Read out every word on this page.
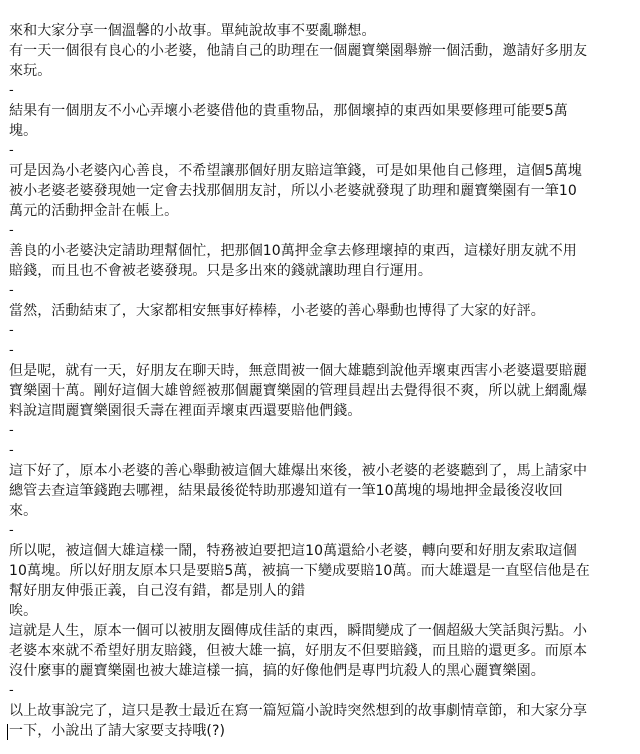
來和大家分享一個溫馨的小故事。單純說故事不要亂聯想。
有一天一個很有良心的小老婆，他請自己的助理在一個麗寶樂園舉辦一個活動，邀請好多朋友
來玩。
-
結果有一個朋友不小心弄壞小老婆借他的貴重物品，那個壞掉的東西如果要修理可能要5萬
塊。
-
可是因為小老婆內心善良，不希望讓那個好朋友賠這筆錢，可是如果他自己修理，這個5萬塊
被小老婆老婆發現她一定會去找那個朋友討，所以小老婆就發現了助理和麗寶樂園有一筆10
萬元的活動押金計在帳上。
-
善良的小老婆決定請助理幫個忙，把那個10萬押金拿去修理壞掉的東西，這樣好朋友就不用
賠錢，而且也不會被老婆發現。只是多出來的錢就讓助理自行運用。
-
當然，活動結束了，大家都相安無事好棒棒，小老婆的善心舉動也博得了大家的好評。
-
-
但是呢，就有一天，好朋友在聊天時，無意間被一個大雄聽到說他弄壞東西害小老婆還要賠麗
寶樂園十萬。剛好這個大雄曾經被那個麗寶樂園的管理員趕出去覺得很不爽，所以就上網亂爆
料說這間麗寶樂園很夭壽在裡面弄壞東西還要賠他們錢。
-
-
這下好了，原本小老婆的善心舉動被這個大雄爆出來後，被小老婆的老婆聽到了，馬上請家中
總管去查這筆錢跑去哪裡，結果最後從特助那邊知道有一筆10萬塊的場地押金最後沒收回
來。
-
所以呢，被這個大雄這樣一鬧，特務被迫要把這10萬還給小老婆，轉向要和好朋友索取這個
10萬塊。所以好朋友原本只是要賠5萬，被搞一下變成要賠10萬。而大雄還是一直堅信他是在
幫好朋友伸張正義，自己沒有錯，都是別人的錯
唉。
這就是人生，原本一個可以被朋友圈傳成佳話的東西，瞬間變成了一個超級大笑話與污點。小
老婆本來就不希望好朋友賠錢，但被大雄一搞，好朋友不但要賠錢，而且賠的還更多。而原本
沒什麼事的麗寶樂園也被大雄這樣一搞，搞的好像他們是專門坑殺人的黑心麗寶樂園。
-
以上故事說完了，這只是教士最近在寫一篇短篇小說時突然想到的故事劇情章節，和大家分享
一下，小說出了請大家要支持哦(?)
